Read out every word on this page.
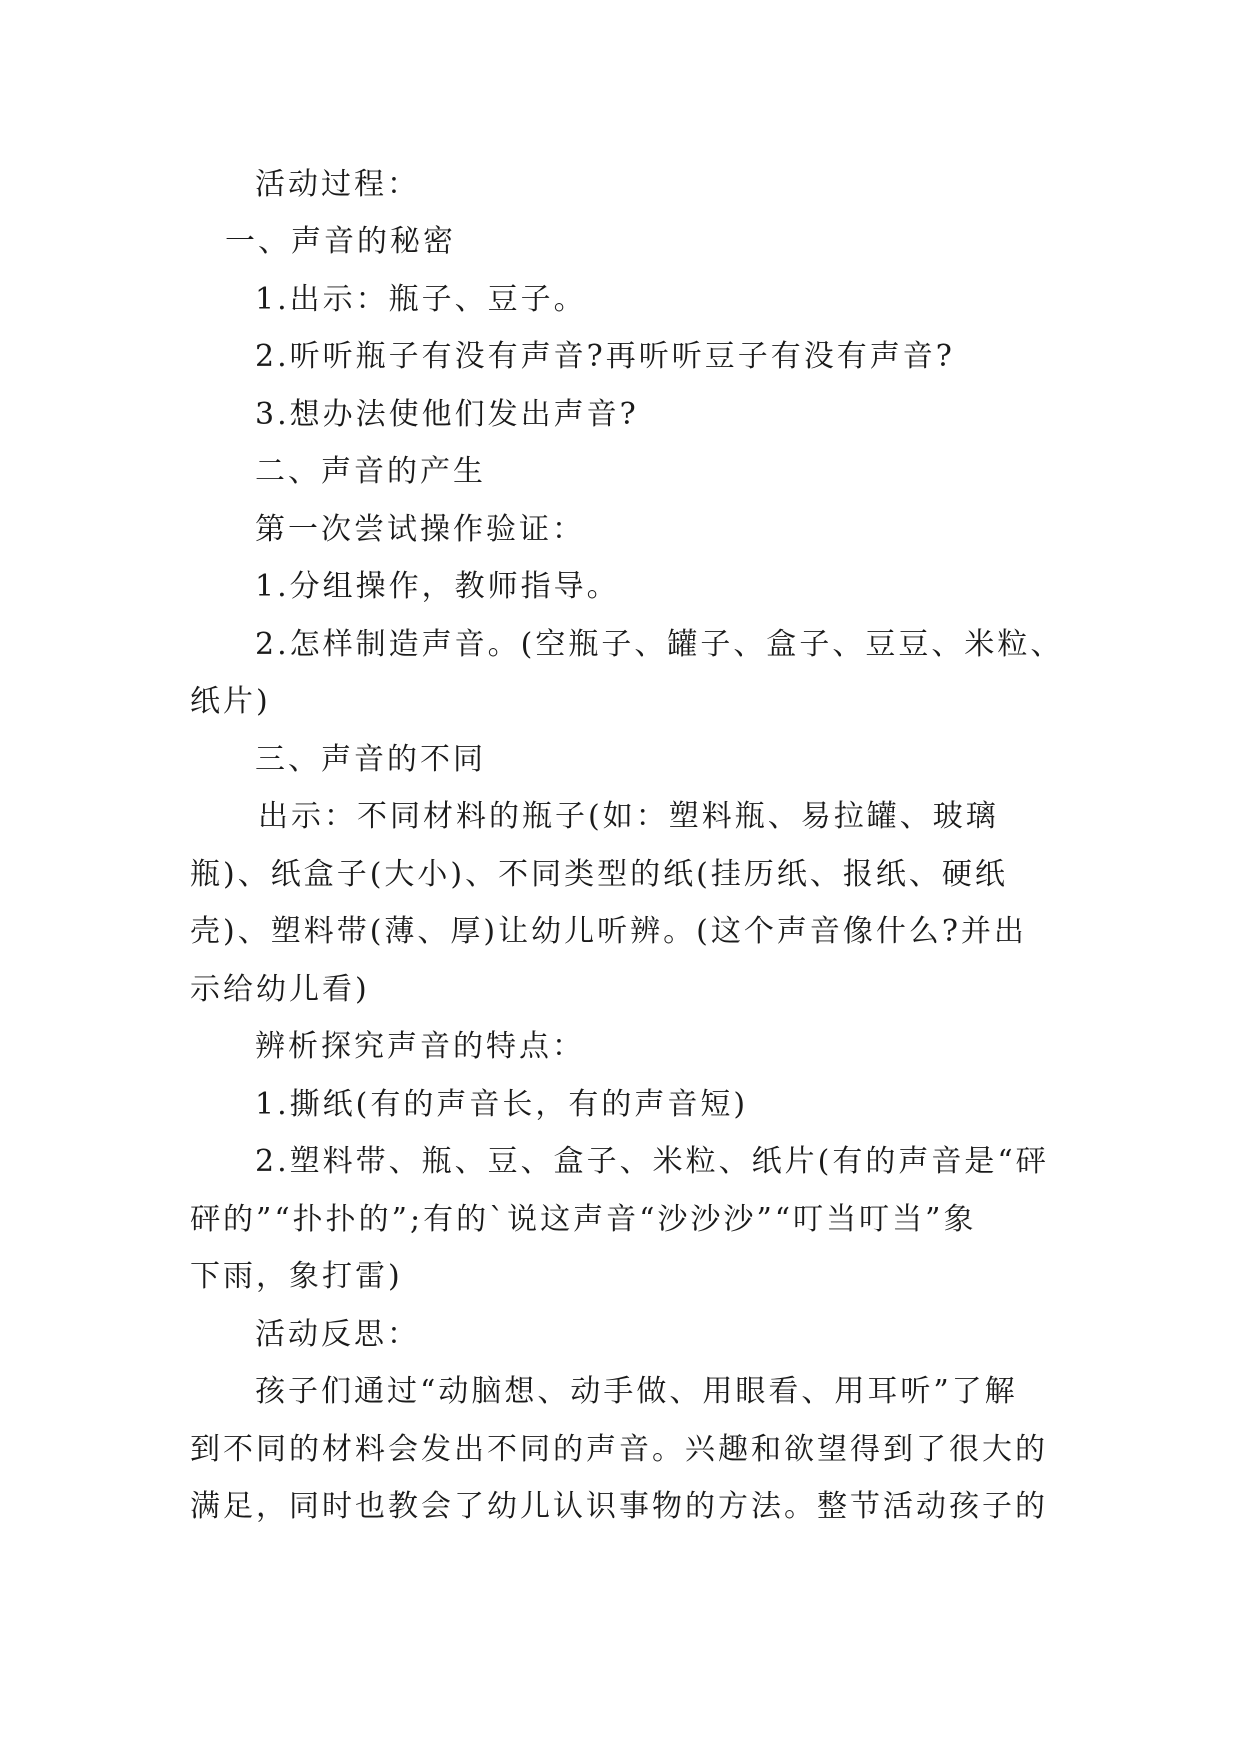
活动过程：
一、声音的秘密
1.出示：瓶子、豆子。
2.听听瓶子有没有声音?再听听豆子有没有声音?
3.想办法使他们发出声音?
二、声音的产生
第一次尝试操作验证：
1.分组操作，教师指导。
2.怎样制造声音。(空瓶子、罐子、盒子、豆豆、米粒、
纸片)
三、声音的不同
出示：不同材料的瓶子(如：塑料瓶、易拉罐、玻璃
瓶)、纸盒子(大小)、不同类型的纸(挂历纸、报纸、硬纸
壳)、塑料带(薄、厚)让幼儿听辨。(这个声音像什么?并出
示给幼儿看)
辨析探究声音的特点：
1.撕纸(有的声音长，有的声音短)
2.塑料带、瓶、豆、盒子、米粒、纸片(有的声音是“砰
砰的”“扑扑的”;有的`说这声音“沙沙沙”“叮当叮当”象
下雨，象打雷)
活动反思：
孩子们通过“动脑想、动手做、用眼看、用耳听”了解
到不同的材料会发出不同的声音。兴趣和欲望得到了很大的
满足，同时也教会了幼儿认识事物的方法。整节活动孩子的
